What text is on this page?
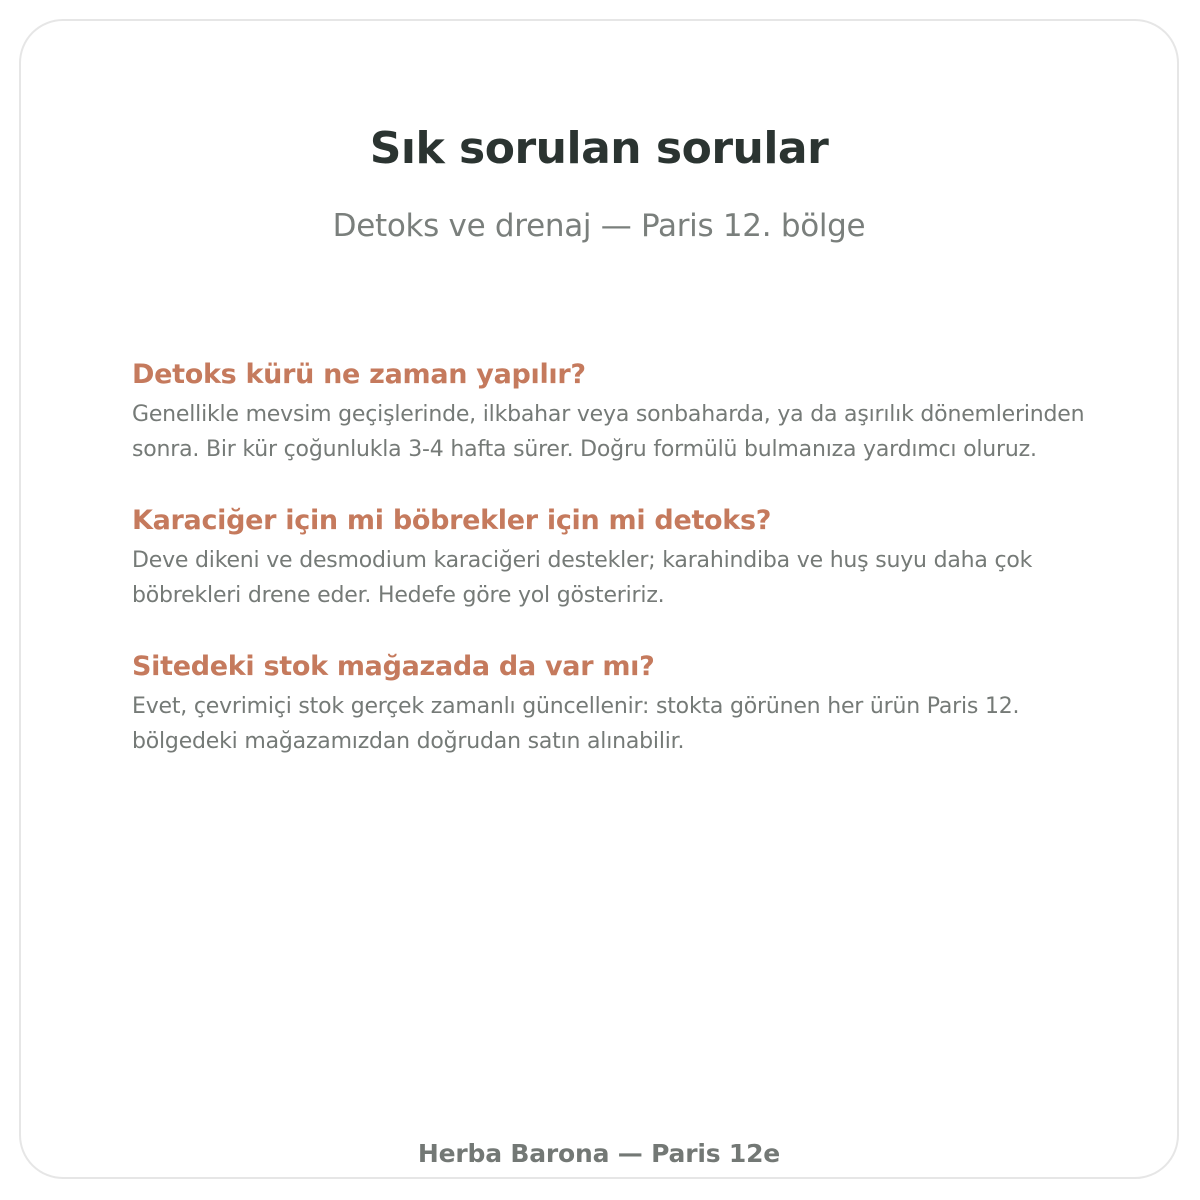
Sık sorulan sorular

Detoks ve drenaj — Paris 12. bölge

Detoks kürü ne zaman yapılır?

Genellikle mevsim geçişlerinde, ilkbahar veya sonbaharda, ya da aşırılık dönemlerinden sonra. Bir kür çoğunlukla 3-4 hafta sürer. Doğru formülü bulmanıza yardımcı oluruz.

Karaciğer için mi böbrekler için mi detoks?

Deve dikeni ve desmodium karaciğeri destekler; karahindiba ve huş suyu daha çok böbrekleri drene eder. Hedefe göre yol gösteririz.

Sitedeki stok mağazada da var mı?

Evet, çevrimiçi stok gerçek zamanlı güncellenir: stokta görünen her ürün Paris 12. bölgedeki mağazamızdan doğrudan satın alınabilir.

Herba Barona — Paris 12e
